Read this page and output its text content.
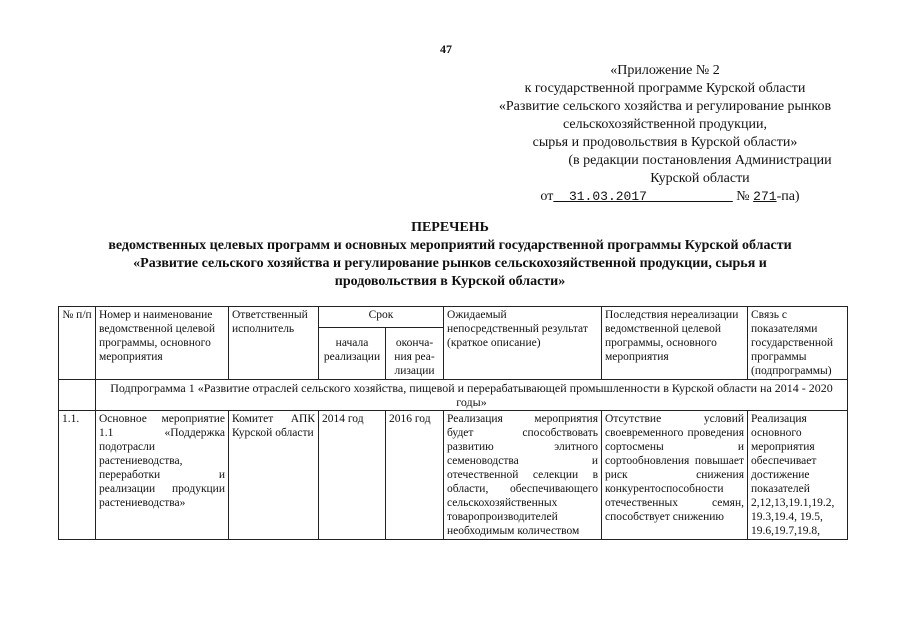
47
«Приложение № 2
к государственной программе Курской области
«Развитие сельского хозяйства и регулирование рынков
сельскохозяйственной продукции,
сырья и продовольствия в Курской области»
(в редакции постановления Администрации
Курской области
от 31.03.2017	№ 271-па)
ПЕРЕЧЕНЬ
ведомственных целевых программ и основных мероприятий государственной программы Курской области
«Развитие сельского хозяйства и регулирование рынков сельскохозяйственной продукции, сырья и
продовольствия в Курской области»
№ п/п	Номер и наименование ведомственной целевой программы, основного мероприятия	Ответственный исполнитель	Срок		Ожидаемый непосредственный результат (краткое описание)	Последствия нереализации ведомственной целевой программы, основного мероприятия	Связь с показателями государственной программы (подпрограммы)
			начала реализации	оконча-ния реа-лизации			
	Подпрограмма 1 «Развитие отраслей сельского хозяйства, пищевой и перерабатывающей промышленности в Курской области на 2014 - 2020 годы»						
1.1.	Основное мероприятие 1.1 «Поддержка подотрасли растениеводства, переработки и реализации продукции растениеводства»	Комитет АПК Курской области	2014 год	2016 год	Реализация мероприятия будет способствовать развитию элитного семеноводства и отечественной селекции в области, обеспечивающего сельскохозяйственных товаропроизводителей необходимым количеством	Отсутствие условий своевременного проведения сортосмены и сортообновления повышает риск снижения конкурентоспособности отечественных семян, способствует снижению	Реализация основного мероприятия обеспечивает достижение показателей 2,12,13,19.1,19.2, 19.3,19.4, 19.5, 19.6,19.7,19.8,
